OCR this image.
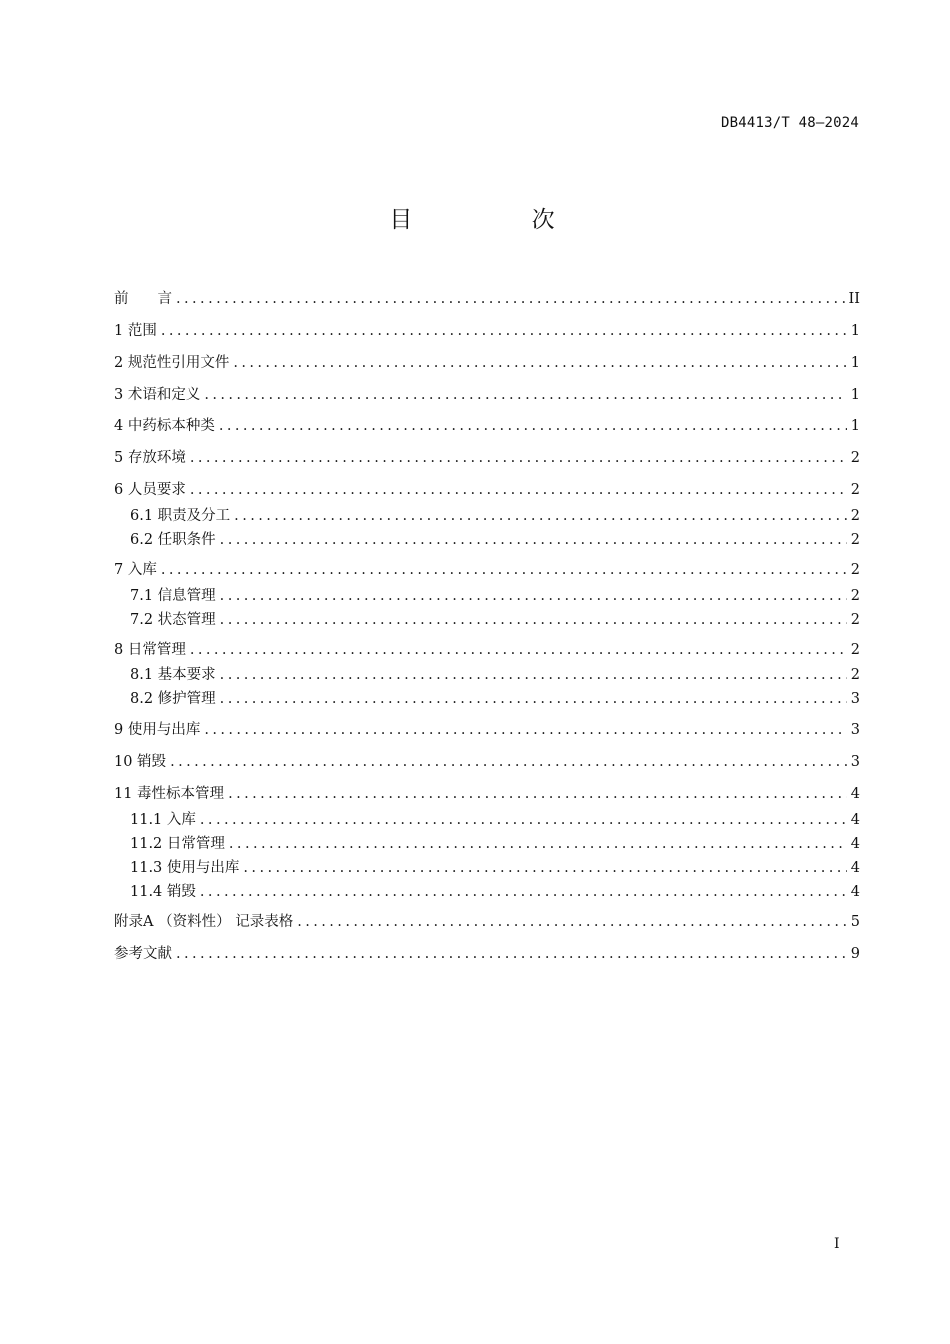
DB4413/T 48—2024
目 次
前　　言 . . .	II
1 范围 . . .	1
2 规范性引用文件 . . .	1
3 术语和定义 . . .	1
4 中药标本种类 . . .	1
5 存放环境 . . .	2
6 人员要求 . . .	2
6.1 职责及分工 . . .	2
6.2 任职条件 . . .	2
7 入库 . . .	2
7.1 信息管理 . . .	2
7.2 状态管理 . . .	2
8 日常管理 . . .	2
8.1 基本要求 . . .	2
8.2 修护管理 . . .	3
9 使用与出库 . . .	3
10 销毁 . . .	3
11 毒性标本管理 . . .	4
11.1 入库 . . .	4
11.2 日常管理 . . .	4
11.3 使用与出库 . . .	4
11.4 销毁 . . .	4
附录A （资料性） 记录表格 . . .	5
参考文献 . . .	9
I
